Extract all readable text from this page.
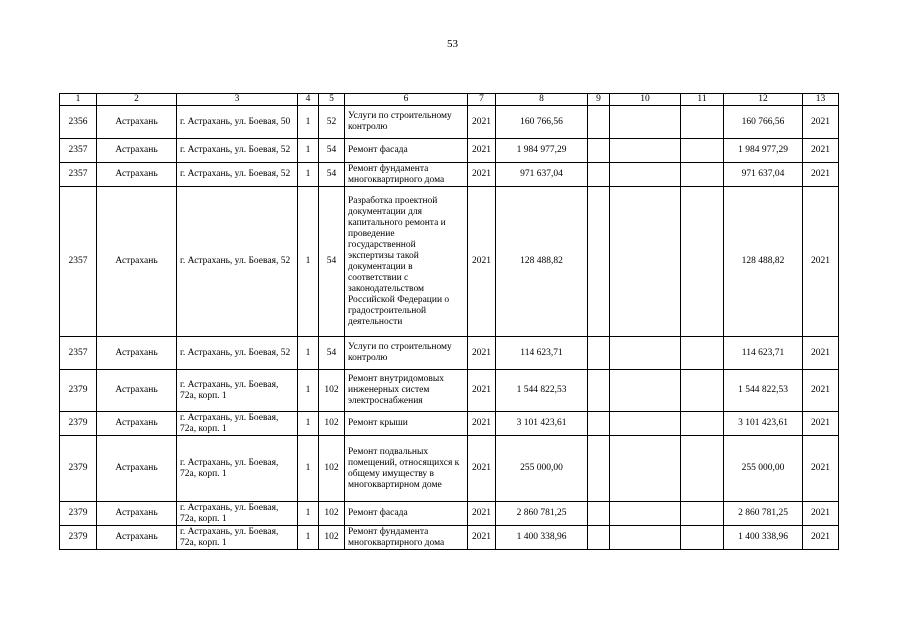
53
1	2	3	4	5	6	7	8	9	10	11	12	13
2356	Астрахань	г. Астрахань, ул. Боевая, 50	1	52	Услуги по строительному контролю	2021	160 766,56				160 766,56	2021
2357	Астрахань	г. Астрахань, ул. Боевая, 52	1	54	Ремонт фасада	2021	1 984 977,29				1 984 977,29	2021
2357	Астрахань	г. Астрахань, ул. Боевая, 52	1	54	Ремонт фундамента многоквартирного дома	2021	971 637,04				971 637,04	2021
2357	Астрахань	г. Астрахань, ул. Боевая, 52	1	54	Разработка проектной документации для капитального ремонта и проведение государственной экспертизы такой документации в соответствии с законодательством Российской Федерации о градостроительной деятельности	2021	128 488,82				128 488,82	2021
2357	Астрахань	г. Астрахань, ул. Боевая, 52	1	54	Услуги по строительному контролю	2021	114 623,71				114 623,71	2021
2379	Астрахань	г. Астрахань, ул. Боевая, 72а, корп. 1	1	102	Ремонт внутридомовых инженерных систем электроснабжения	2021	1 544 822,53				1 544 822,53	2021
2379	Астрахань	г. Астрахань, ул. Боевая, 72а, корп. 1	1	102	Ремонт крыши	2021	3 101 423,61				3 101 423,61	2021
2379	Астрахань	г. Астрахань, ул. Боевая, 72а, корп. 1	1	102	Ремонт подвальных помещений, относящихся к общему имуществу в многоквартирном доме	2021	255 000,00				255 000,00	2021
2379	Астрахань	г. Астрахань, ул. Боевая, 72а, корп. 1	1	102	Ремонт фасада	2021	2 860 781,25				2 860 781,25	2021
2379	Астрахань	г. Астрахань, ул. Боевая, 72а, корп. 1	1	102	Ремонт фундамента многоквартирного дома	2021	1 400 338,96				1 400 338,96	2021
